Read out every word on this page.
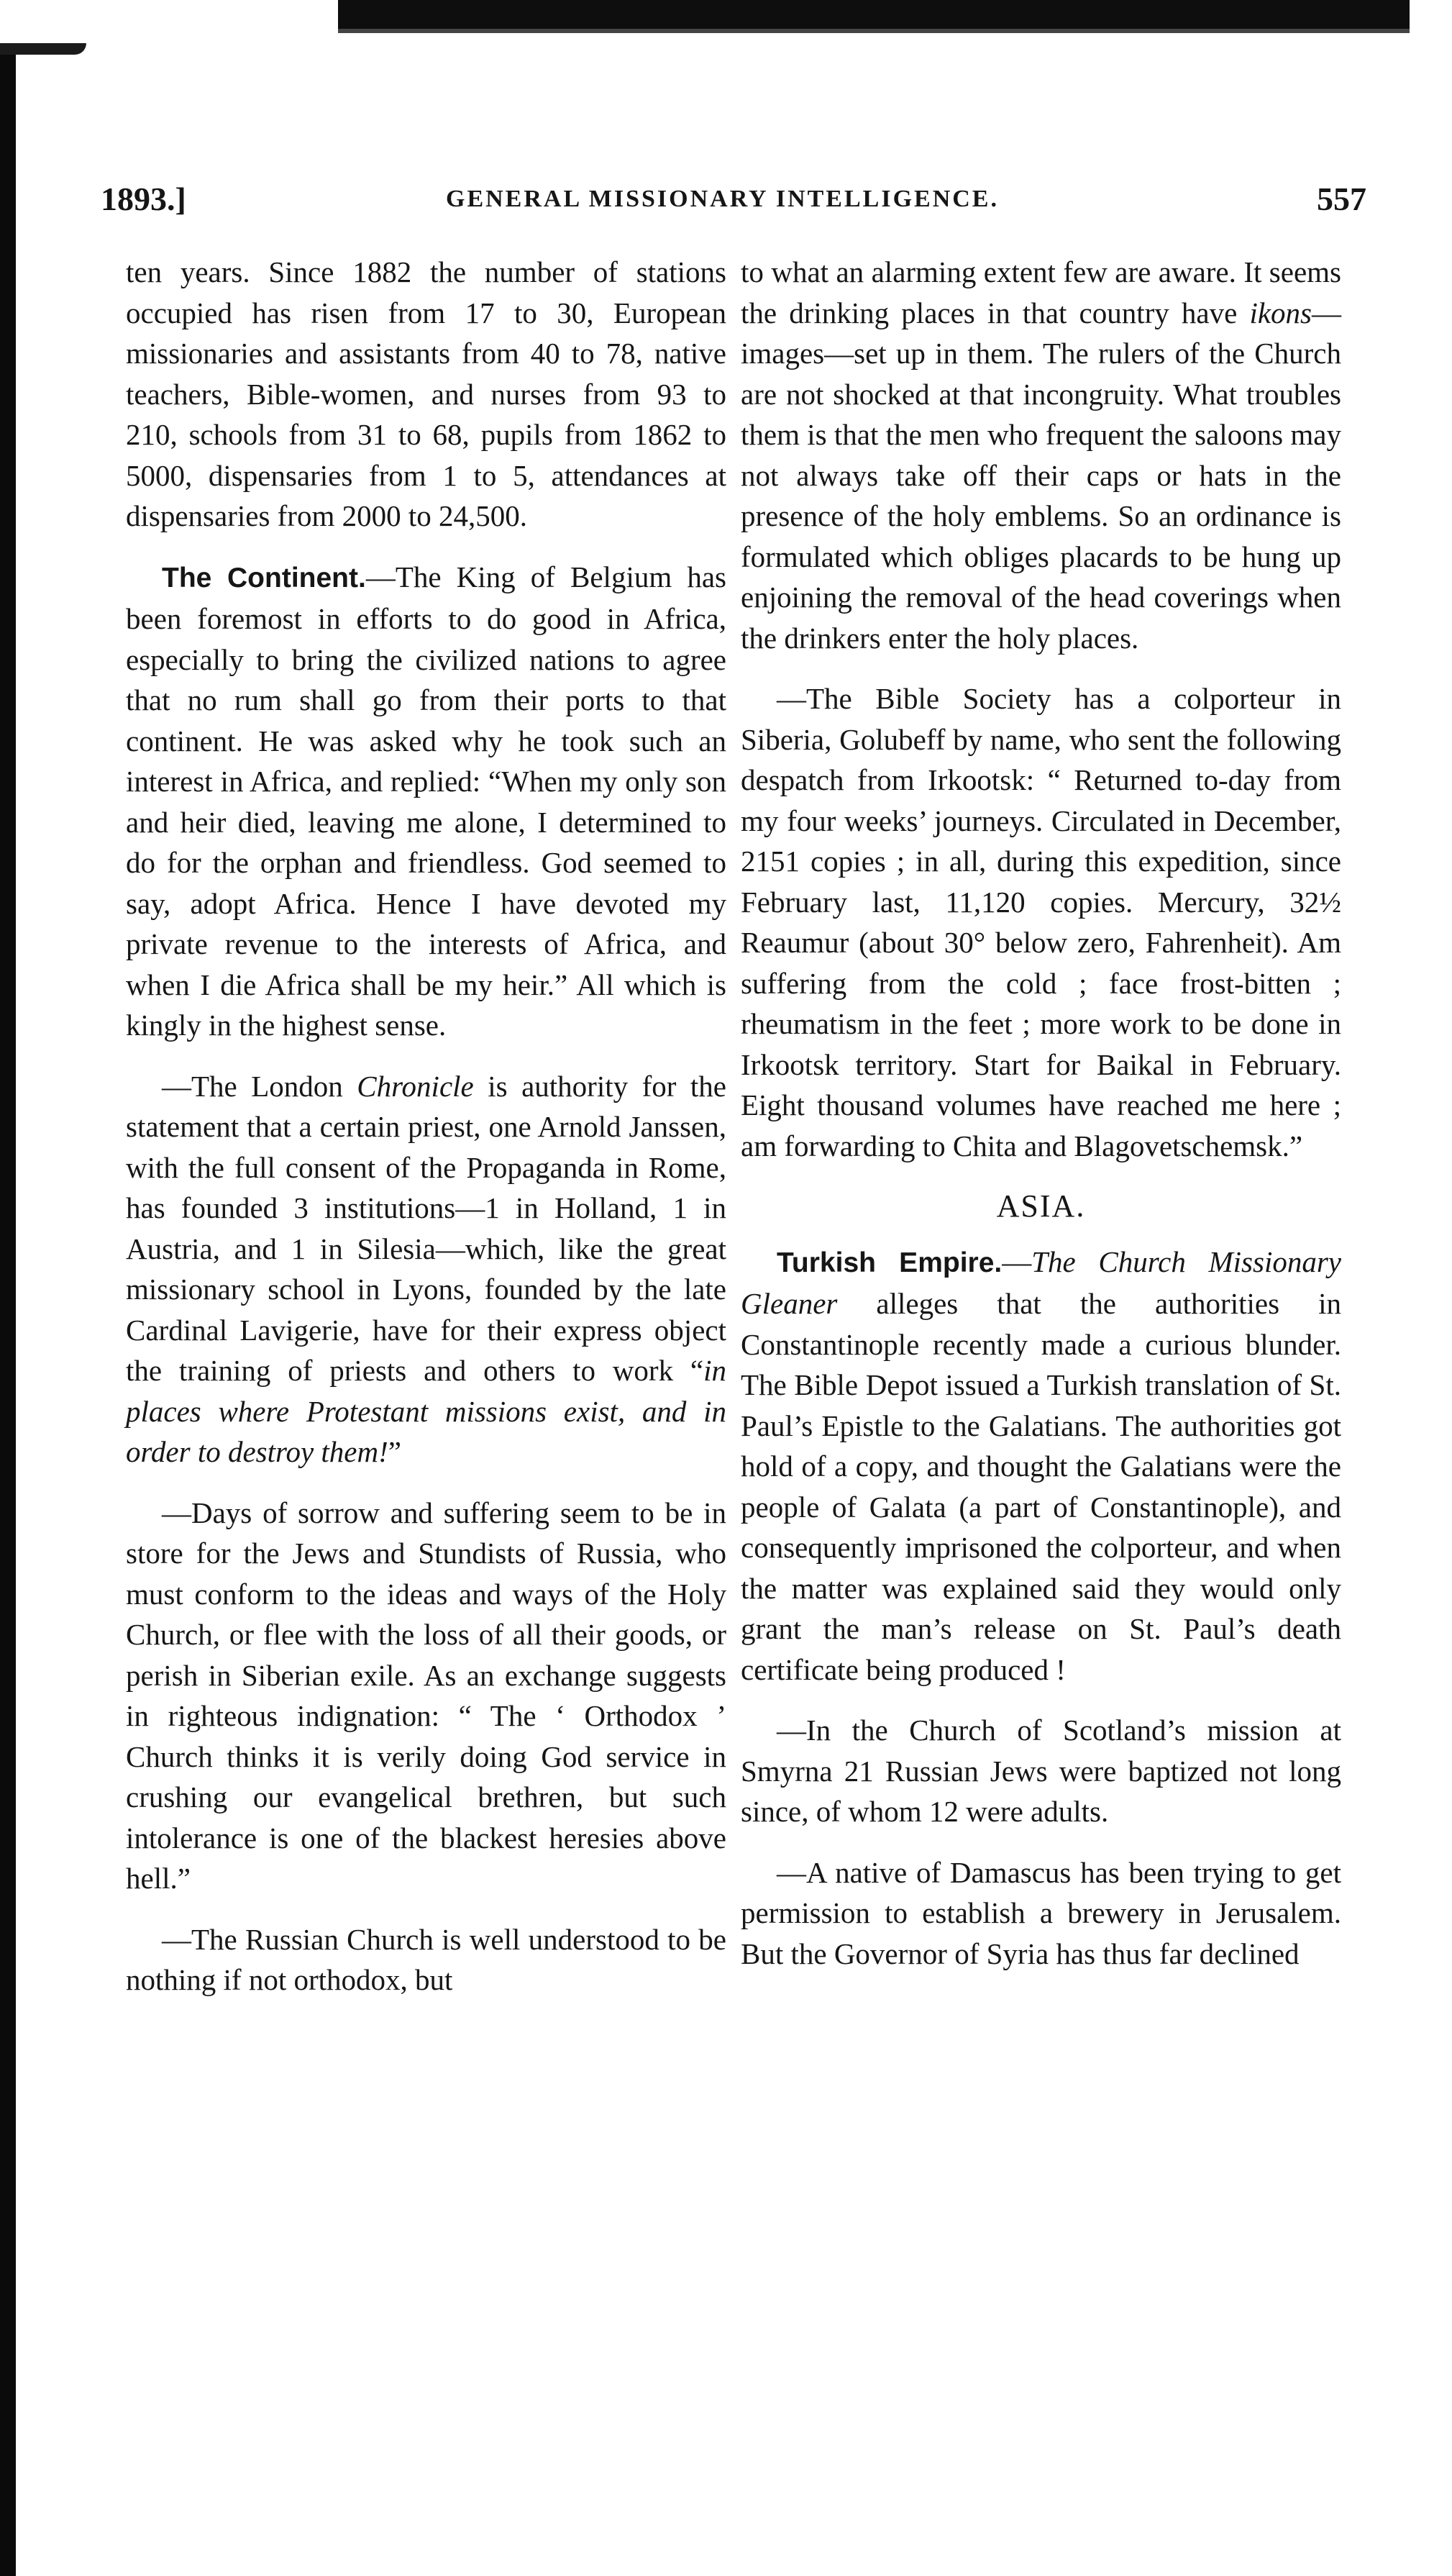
1893.]	GENERAL MISSIONARY INTELLIGENCE.	557

ten years. Since 1882 the number of stations occupied has risen from 17 to 30, European missionaries and assistants from 40 to 78, native teachers, Bible-women, and nurses from 93 to 210, schools from 31 to 68, pupils from 1862 to 5000, dispensaries from 1 to 5, attendances at dispensaries from 2000 to 24,500.

The Continent.—The King of Belgium has been foremost in efforts to do good in Africa, especially to bring the civilized nations to agree that no rum shall go from their ports to that continent. He was asked why he took such an interest in Africa, and replied: “When my only son and heir died, leaving me alone, I determined to do for the orphan and friendless. God seemed to say, adopt Africa. Hence I have devoted my private revenue to the interests of Africa, and when I die Africa shall be my heir.” All which is kingly in the highest sense.

—The London Chronicle is authority for the statement that a certain priest, one Arnold Janssen, with the full consent of the Propaganda in Rome, has founded 3 institutions—1 in Holland, 1 in Austria, and 1 in Silesia—which, like the great missionary school in Lyons, founded by the late Cardinal Lavigerie, have for their express object the training of priests and others to work “in places where Protestant missions exist, and in order to destroy them!”

—Days of sorrow and suffering seem to be in store for the Jews and Stundists of Russia, who must conform to the ideas and ways of the Holy Church, or flee with the loss of all their goods, or perish in Siberian exile. As an exchange suggests in righteous indignation: “ The ‘ Orthodox ’ Church thinks it is verily doing God service in crushing our evangelical brethren, but such intolerance is one of the blackest heresies above hell.”

—The Russian Church is well understood to be nothing if not orthodox, but

to what an alarming extent few are aware. It seems the drinking places in that country have ikons—images—set up in them. The rulers of the Church are not shocked at that incongruity. What troubles them is that the men who frequent the saloons may not always take off their caps or hats in the presence of the holy emblems. So an ordinance is formulated which obliges placards to be hung up enjoining the removal of the head coverings when the drinkers enter the holy places.

—The Bible Society has a colporteur in Siberia, Golubeff by name, who sent the following despatch from Irkootsk: “ Returned to-day from my four weeks’ journeys. Circulated in December, 2151 copies ; in all, during this expedition, since February last, 11,120 copies. Mercury, 32½ Reaumur (about 30° below zero, Fahrenheit). Am suffering from the cold ; face frost-bitten ; rheumatism in the feet ; more work to be done in Irkootsk territory. Start for Baikal in February. Eight thousand volumes have reached me here ; am forwarding to Chita and Blagovetschemsk.”

ASIA.

Turkish Empire.—The Church Missionary Gleaner alleges that the authorities in Constantinople recently made a curious blunder. The Bible Depot issued a Turkish translation of St. Paul’s Epistle to the Galatians. The authorities got hold of a copy, and thought the Galatians were the people of Galata (a part of Constantinople), and consequently imprisoned the colporteur, and when the matter was explained said they would only grant the man’s release on St. Paul’s death certificate being produced !

—In the Church of Scotland’s mission at Smyrna 21 Russian Jews were baptized not long since, of whom 12 were adults.

—A native of Damascus has been trying to get permission to establish a brewery in Jerusalem. But the Governor of Syria has thus far declined
